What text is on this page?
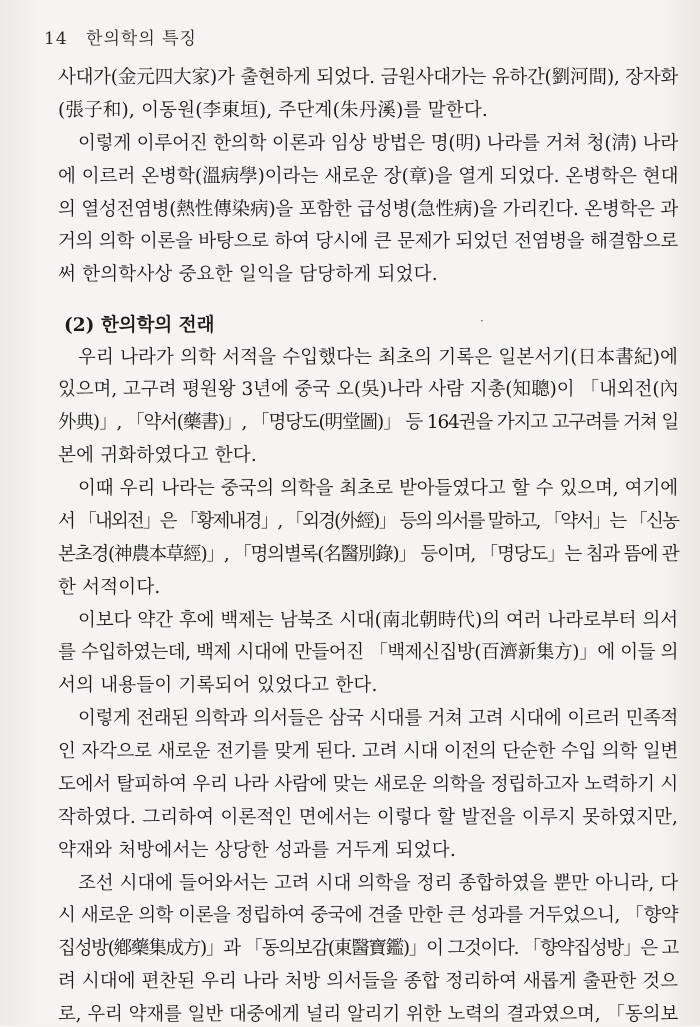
14 한의학의 특징
사대가(金元四大家)가 출현하게 되었다. 금원사대가는 유하간(劉河間), 장자화
(張子和), 이동원(李東垣), 주단계(朱丹溪)를 말한다.
이렇게 이루어진 한의학 이론과 임상 방법은 명(明) 나라를 거쳐 청(淸) 나라
에 이르러 온병학(溫病學)이라는 새로운 장(章)을 열게 되었다. 온병학은 현대
의 열성전염병(熱性傳染病)을 포함한 급성병(急性病)을 가리킨다. 온병학은 과
거의 의학 이론을 바탕으로 하여 당시에 큰 문제가 되었던 전염병을 해결함으로
써 한의학사상 중요한 일익을 담당하게 되었다.
(2) 한의학의 전래	·
우리 나라가 의학 서적을 수입했다는 최초의 기록은 일본서기(日本書紀)에
있으며, 고구려 평원왕 3년에 중국 오(吳)나라 사람 지총(知聰)이 「내외전(內
外典)」, 「약서(藥書)」, 「명당도(明堂圖)」 등 164권을 가지고 고구려를 거쳐 일
본에 귀화하였다고 한다.
이때 우리 나라는 중국의 의학을 최초로 받아들였다고 할 수 있으며, 여기에
서 「내외전」은 「황제내경」, 「외경(外經)」 등의 의서를 말하고, 「약서」는 「신농
본초경(神農本草經)」, 「명의별록(名醫別錄)」 등이며, 「명당도」는 침과 뜸에 관
한 서적이다.
이보다 약간 후에 백제는 남북조 시대(南北朝時代)의 여러 나라로부터 의서
를 수입하였는데, 백제 시대에 만들어진 「백제신집방(百濟新集方)」에 이들 의
서의 내용들이 기록되어 있었다고 한다.
이렇게 전래된 의학과 의서들은 삼국 시대를 거쳐 고려 시대에 이르러 민족적
인 자각으로 새로운 전기를 맞게 된다. 고려 시대 이전의 단순한 수입 의학 일변
도에서 탈피하여 우리 나라 사람에 맞는 새로운 의학을 정립하고자 노력하기 시
작하였다. 그리하여 이론적인 면에서는 이렇다 할 발전을 이루지 못하였지만,
약재와 처방에서는 상당한 성과를 거두게 되었다.
조선 시대에 들어와서는 고려 시대 의학을 정리 종합하였을 뿐만 아니라, 다
시 새로운 의학 이론을 정립하여 중국에 견줄 만한 큰 성과를 거두었으니, 「향약
집성방(鄕藥集成方)」과 「동의보감(東醫寶鑑)」이 그것이다. 「향약집성방」은 고
려 시대에 편찬된 우리 나라 처방 의서들을 종합 정리하여 새롭게 출판한 것으
로, 우리 약재를 일반 대중에게 널리 알리기 위한 노력의 결과였으며, 「동의보
